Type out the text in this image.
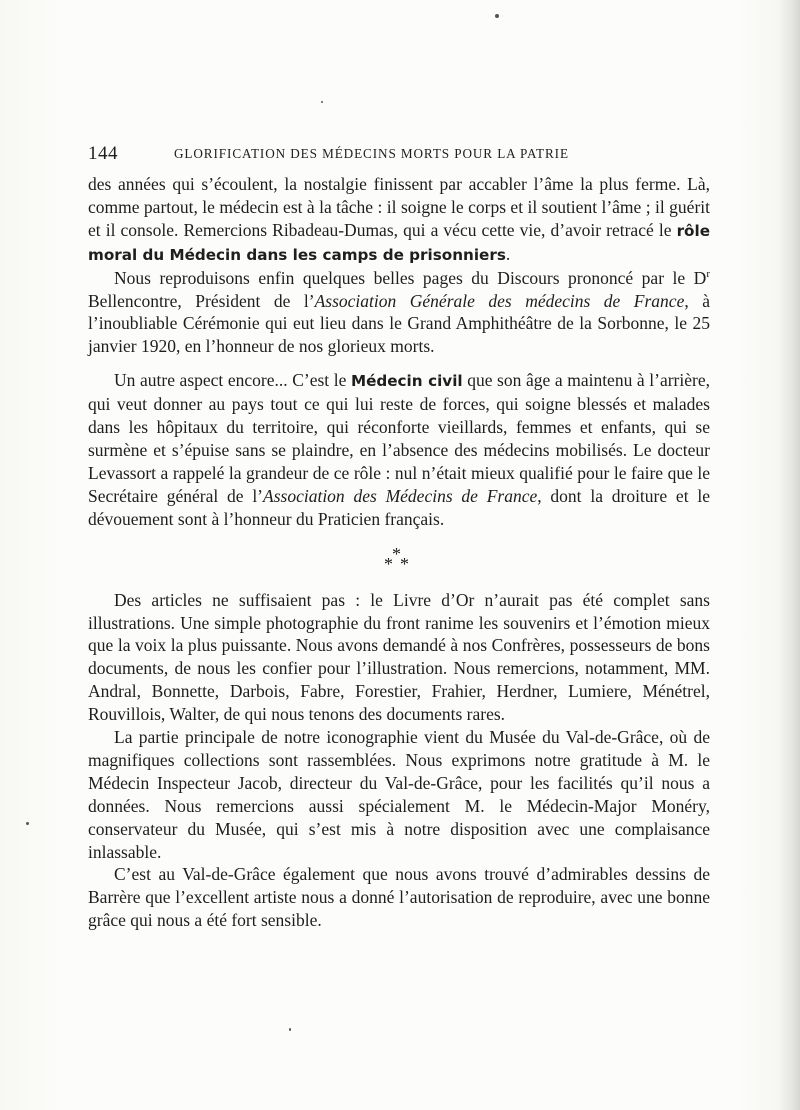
144	GLORIFICATION DES MÉDECINS MORTS POUR LA PATRIE

des années qui s’écoulent, la nostalgie finissent par accabler l’âme la plus ferme. Là, comme partout, le médecin est à la tâche : il soigne le corps et il soutient l’âme ; il guérit et il console. Remercions Ribadeau-Dumas, qui a vécu cette vie, d’avoir retracé le rôle moral du Médecin dans les camps de prisonniers.

Nous reproduisons enfin quelques belles pages du Discours prononcé par le $D^r$ Bellencontre, Président de l’Association Générale des médecins de France, à l’inoubliable Cérémonie qui eut lieu dans le Grand Amphithéâtre de la Sorbonne, le 25 janvier 1920, en l’honneur de nos glorieux morts.

Un autre aspect encore... C’est le Médecin civil que son âge a maintenu à l’arrière, qui veut donner au pays tout ce qui lui reste de forces, qui soigne blessés et malades dans les hôpitaux du territoire, qui réconforte vieillards, femmes et enfants, qui se surmène et s’épuise sans se plaindre, en l’absence des médecins mobilisés. Le docteur Levassort a rappelé la grandeur de ce rôle : nul n’était mieux qualifié pour le faire que le Secrétaire général de l’Association des Médecins de France, dont la droiture et le dévouement sont à l’honneur du Praticien français.

*
* *

Des articles ne suffisaient pas : le Livre d’Or n’aurait pas été complet sans illustrations. Une simple photographie du front ranime les souvenirs et l’émotion mieux que la voix la plus puissante. Nous avons demandé à nos Confrères, possesseurs de bons documents, de nous les confier pour l’illustration. Nous remercions, notamment, MM. Andral, Bonnette, Darbois, Fabre, Forestier, Frahier, Herdner, Lumiere, Ménétrel, Rouvillois, Walter, de qui nous tenons des documents rares.

La partie principale de notre iconographie vient du Musée du Val-de-Grâce, où de magnifiques collections sont rassemblées. Nous exprimons notre gratitude à M. le Médecin Inspecteur Jacob, directeur du Val-de-Grâce, pour les facilités qu’il nous a données. Nous remercions aussi spécialement M. le Médecin-Major Monéry, conservateur du Musée, qui s’est mis à notre disposition avec une complaisance inlassable.

C’est au Val-de-Grâce également que nous avons trouvé d’admirables dessins de Barrère que l’excellent artiste nous a donné l’autorisation de reproduire, avec une bonne grâce qui nous a été fort sensible.
